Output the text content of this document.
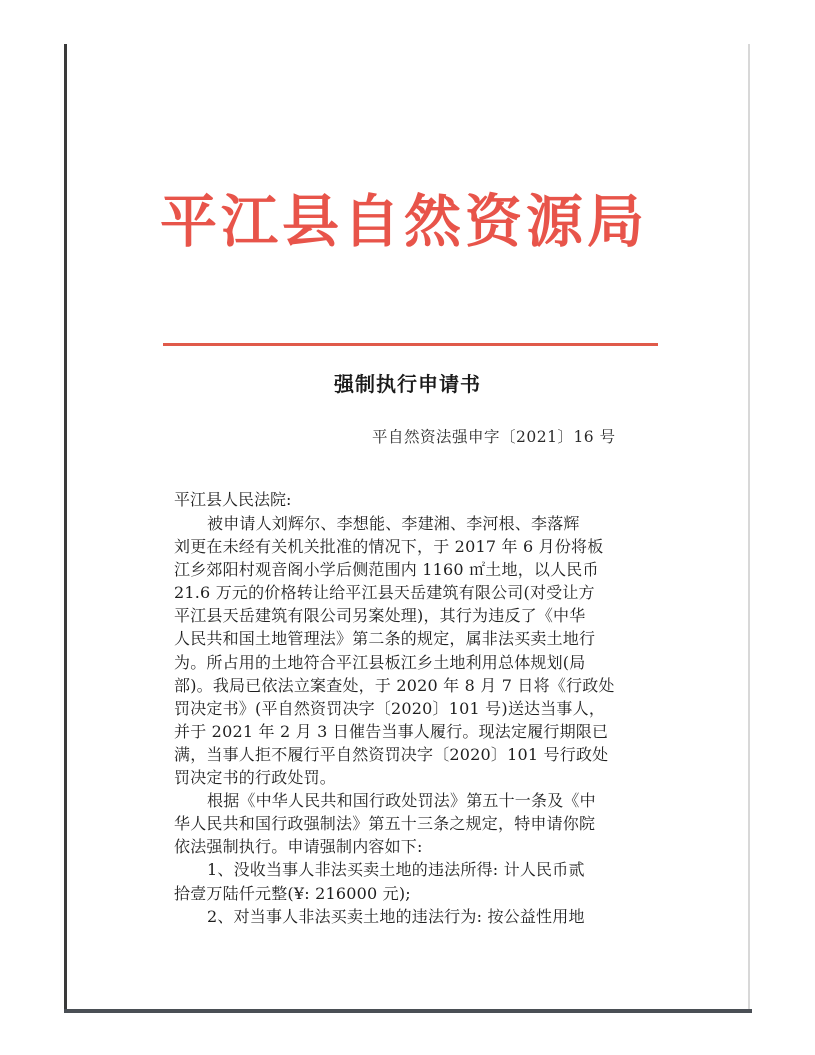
平江县自然资源局
强制执行申请书
平自然资法强申字〔2021〕16 号
平江县人民法院:
被申请人刘辉尔、李想能、李建湘、李河根、李落辉
刘更在未经有关机关批准的情况下，于 2017 年 6 月份将板
江乡郊阳村观音阁小学后侧范围内 1160 ㎡土地，以人民币
21.6 万元的价格转让给平江县天岳建筑有限公司(对受让方
平江县天岳建筑有限公司另案处理)，其行为违反了《中华
人民共和国土地管理法》第二条的规定，属非法买卖土地行
为。所占用的土地符合平江县板江乡土地利用总体规划(局
部)。我局已依法立案查处，于 2020 年 8 月 7 日将《行政处
罚决定书》(平自然资罚决字〔2020〕101 号)送达当事人，
并于 2021 年 2 月 3 日催告当事人履行。现法定履行期限已
满，当事人拒不履行平自然资罚决字〔2020〕101 号行政处
罚决定书的行政处罚。
根据《中华人民共和国行政处罚法》第五十一条及《中
华人民共和国行政强制法》第五十三条之规定，特申请你院
依法强制执行。申请强制内容如下:
1、没收当事人非法买卖土地的违法所得: 计人民币贰
拾壹万陆仟元整(¥: 216000 元);
2、对当事人非法买卖土地的违法行为: 按公益性用地
